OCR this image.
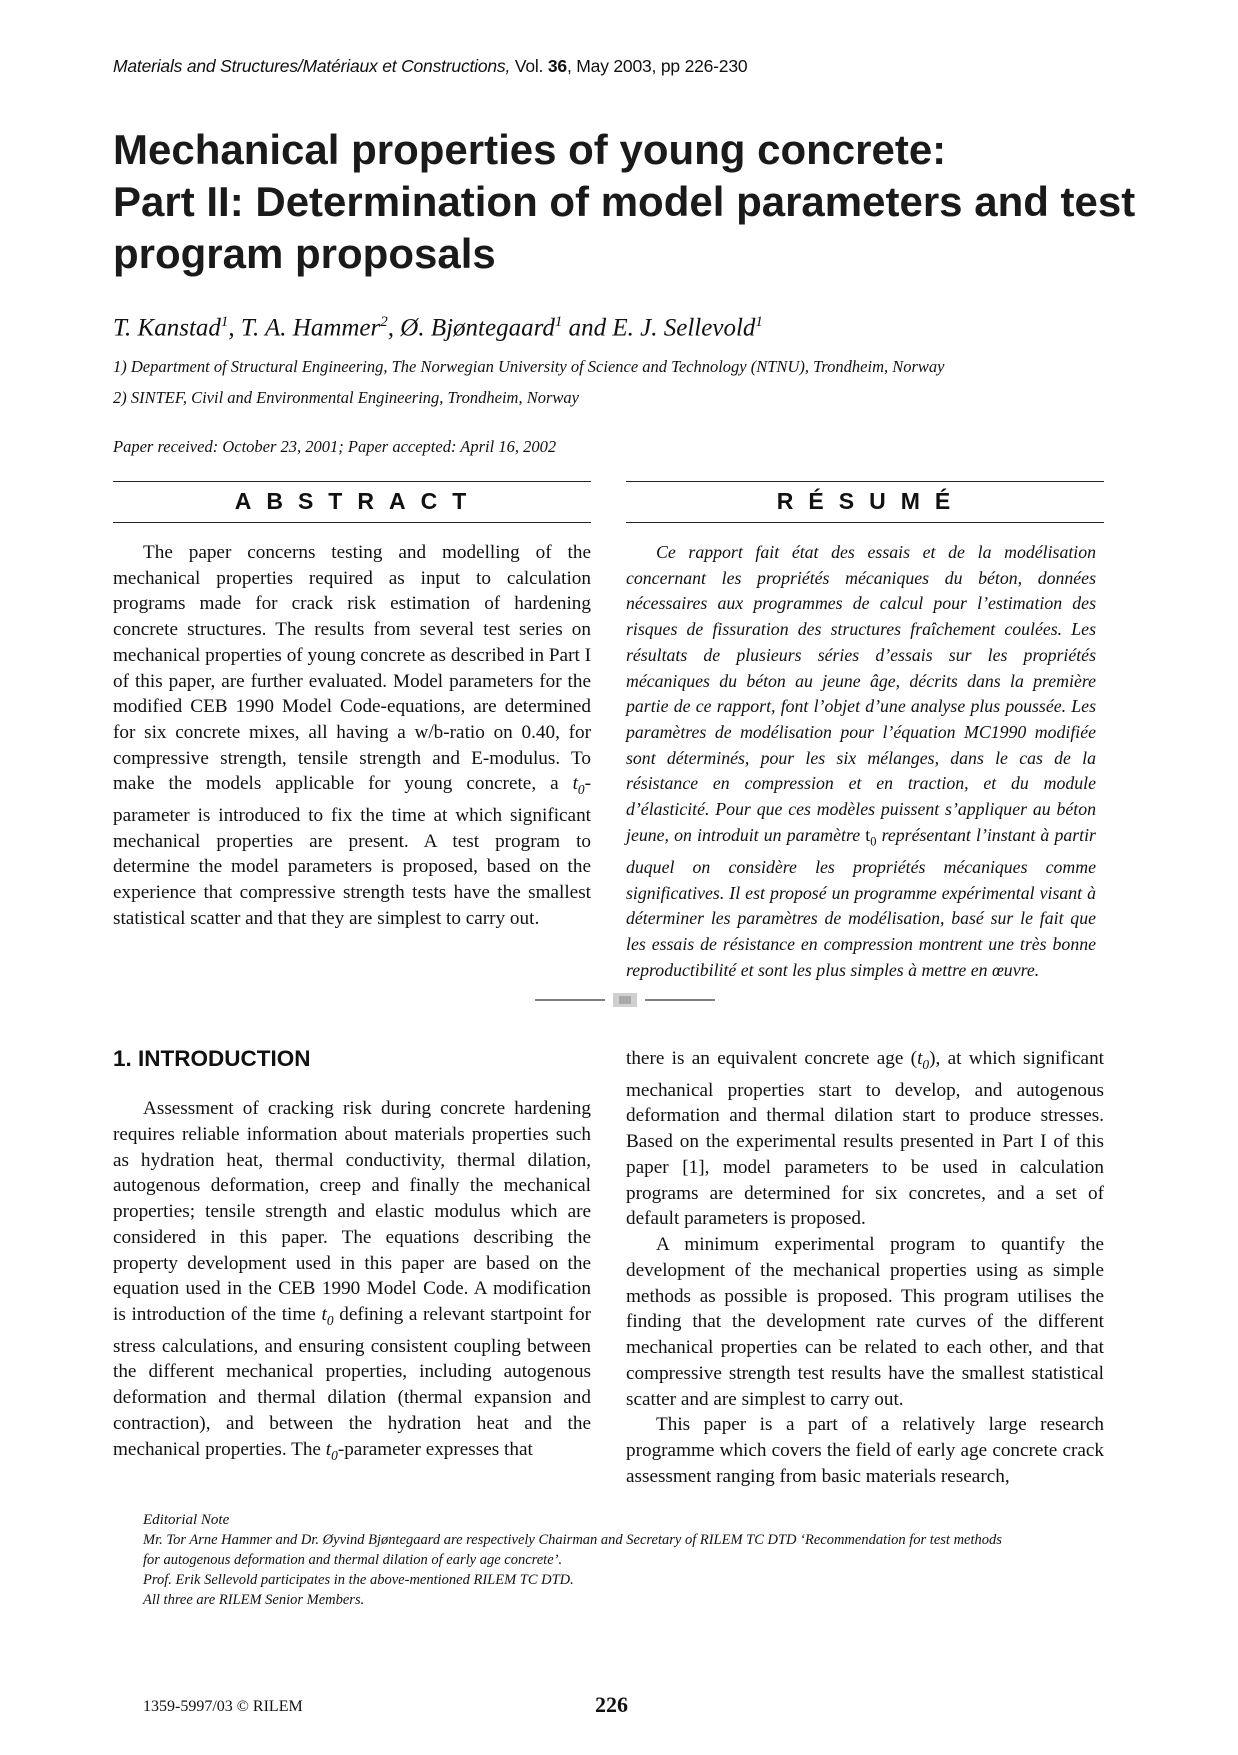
Materials and Structures/Matériaux et Constructions, Vol. 36, May 2003, pp 226-230
Mechanical properties of young concrete:
Part II: Determination of model parameters and test
program proposals
T. Kanstad$^1$, T. A. Hammer$^2$, Ø. Bjøntegaard$^1$ and E. J. Sellevold$^1$
1) Department of Structural Engineering, The Norwegian University of Science and Technology (NTNU), Trondheim, Norway
2) SINTEF, Civil and Environmental Engineering, Trondheim, Norway
Paper received: October 23, 2001; Paper accepted: April 16, 2002
ABSTRACT	RÉSUMÉ

The paper concerns testing and modelling of the mechanical properties required as input to calculation programs made for crack risk estimation of hardening concrete structures. The results from several test series on mechanical properties of young concrete as described in Part I of this paper, are further evaluated. Model parameters for the modified CEB 1990 Model Code-equations, are determined for six concrete mixes, all having a w/b-ratio on 0.40, for compressive strength, tensile strength and E-modulus. To make the models applicable for young concrete, a $t_0$-parameter is introduced to fix the time at which significant mechanical properties are present. A test program to determine the model parameters is proposed, based on the experience that compressive strength tests have the smallest statistical scatter and that they are simplest to carry out.

Ce rapport fait état des essais et de la modélisation concernant les propriétés mécaniques du béton, données nécessaires aux programmes de calcul pour l’estimation des risques de fissuration des structures fraîchement coulées. Les résultats de plusieurs séries d’essais sur les propriétés mécaniques du béton au jeune âge, décrits dans la première partie de ce rapport, font l’objet d’une analyse plus poussée. Les paramètres de modélisation pour l’équation MC1990 modifiée sont déterminés, pour les six mélanges, dans le cas de la résistance en compression et en traction, et du module d’élasticité. Pour que ces modèles puissent s’appliquer au béton jeune, on introduit un paramètre $t_0$ représentant l’instant à partir duquel on considère les propriétés mécaniques comme significatives. Il est proposé un programme expérimental visant à déterminer les paramètres de modélisation, basé sur le fait que les essais de résistance en compression montrent une très bonne reproductibilité et sont les plus simples à mettre en œuvre.

1. INTRODUCTION

Assessment of cracking risk during concrete hardening requires reliable information about materials properties such as hydration heat, thermal conductivity, thermal dilation, autogenous deformation, creep and finally the mechanical properties; tensile strength and elastic modulus which are considered in this paper. The equations describing the property development used in this paper are based on the equation used in the CEB 1990 Model Code. A modification is introduction of the time $t_0$ defining a relevant startpoint for stress calculations, and ensuring consistent coupling between the different mechanical properties, including autogenous deformation and thermal dilation (thermal expansion and contraction), and between the hydration heat and the mechanical properties. The $t_0$-parameter expresses that

there is an equivalent concrete age $(t_0)$, at which significant mechanical properties start to develop, and autogenous deformation and thermal dilation start to produce stresses. Based on the experimental results presented in Part I of this paper [1], model parameters to be used in calculation programs are determined for six concretes, and a set of default parameters is proposed.

A minimum experimental program to quantify the development of the mechanical properties using as simple methods as possible is proposed. This program utilises the finding that the development rate curves of the different mechanical properties can be related to each other, and that compressive strength test results have the smallest statistical scatter and are simplest to carry out.

This paper is a part of a relatively large research programme which covers the field of early age concrete crack assessment ranging from basic materials research,

Editorial Note
Mr. Tor Arne Hammer and Dr. Øyvind Bjøntegaard are respectively Chairman and Secretary of RILEM TC DTD ‘Recommendation for test methods
for autogenous deformation and thermal dilation of early age concrete’.
Prof. Erik Sellevold participates in the above-mentioned RILEM TC DTD.
All three are RILEM Senior Members.
1359-5997/03 © RILEM	226
